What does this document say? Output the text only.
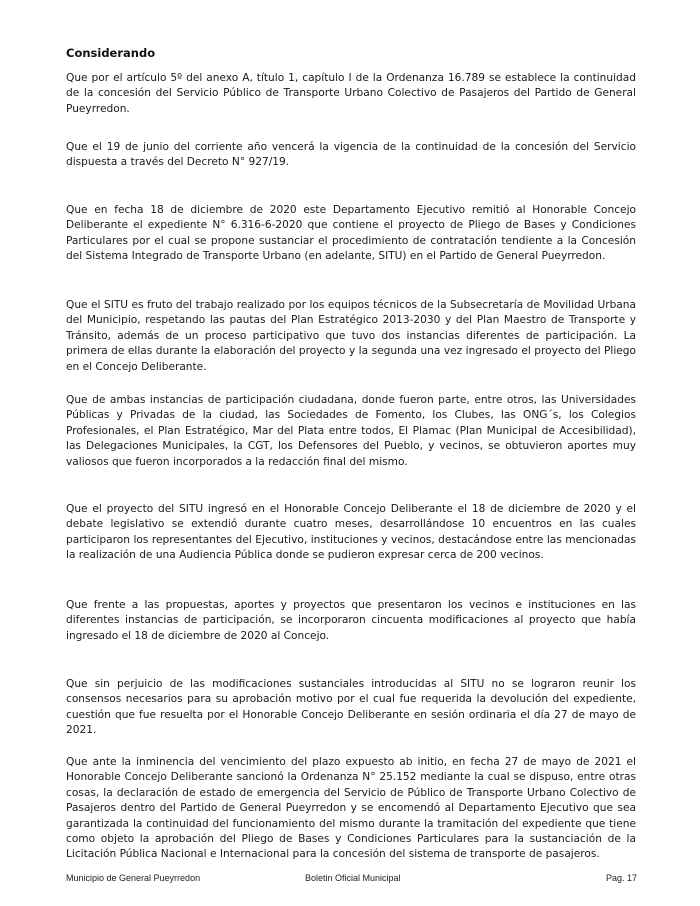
Considerando

Que por el artículo 5º del anexo A, título 1, capítulo I de la Ordenanza 16.789 se establece la continuidad de la concesión del Servicio Público de Transporte Urbano Colectivo de Pasajeros del Partido de General Pueyrredon.

Que el 19 de junio del corriente año vencerá la vigencia de la continuidad de la concesión del Servicio dispuesta a través del Decreto N° 927/19.

Que en fecha 18 de diciembre de 2020 este Departamento Ejecutivo remitió al Honorable Concejo Deliberante el expediente N° 6.316-6-2020 que contiene el proyecto de Pliego de Bases y Condiciones Particulares por el cual se propone sustanciar el procedimiento de contratación tendiente a la Concesión del Sistema Integrado de Transporte Urbano (en adelante, SITU) en el Partido de General Pueyrredon.

Que el SITU es fruto del trabajo realizado por los equipos técnicos de la Subsecretaría de Movilidad Urbana del Municipio, respetando las pautas del Plan Estratégico 2013-2030 y del Plan Maestro de Transporte y Tránsito, además de un proceso participativo que tuvo dos instancias diferentes de participación. La primera de ellas durante la elaboración del proyecto y la segunda una vez ingresado el proyecto del Pliego en el Concejo Deliberante.

Que de ambas instancias de participación ciudadana, donde fueron parte, entre otros, las Universidades Públicas y Privadas de la ciudad, las Sociedades de Fomento, los Clubes, las ONG´s, los Colegios Profesionales, el Plan Estratégico, Mar del Plata entre todos, El Plamac (Plan Municipal de Accesibilidad), las Delegaciones Municipales, la CGT, los Defensores del Pueblo, y vecinos, se obtuvieron aportes muy valiosos que fueron incorporados a la redacción final del mismo.

Que el proyecto del SITU ingresó en el Honorable Concejo Deliberante el 18 de diciembre de 2020 y el debate legislativo se extendió durante cuatro meses, desarrollándose 10 encuentros en las cuales participaron los representantes del Ejecutivo, instituciones y vecinos, destacándose entre las mencionadas la realización de una Audiencia Pública donde se pudieron expresar cerca de 200 vecinos.

Que frente a las propuestas, aportes y proyectos que presentaron los vecinos e instituciones en las diferentes instancias de participación, se incorporaron cincuenta modificaciones al proyecto que había ingresado el 18 de diciembre de 2020 al Concejo.

Que sin perjuicio de las modificaciones sustanciales introducidas al SITU no se lograron reunir los consensos necesarios para su aprobación motivo por el cual fue requerida la devolución del expediente, cuestión que fue resuelta por el Honorable Concejo Deliberante en sesión ordinaria el día 27 de mayo de 2021.

Que ante la inminencia del vencimiento del plazo expuesto ab initio, en fecha 27 de mayo de 2021 el Honorable Concejo Deliberante sancionó la Ordenanza N° 25.152 mediante la cual se dispuso, entre otras cosas, la declaración de estado de emergencia del Servicio de Público de Transporte Urbano Colectivo de Pasajeros dentro del Partido de General Pueyrredon y se encomendó al Departamento Ejecutivo que sea garantizada la continuidad del funcionamiento del mismo durante la tramitación del expediente que tiene como objeto la aprobación del Pliego de Bases y Condiciones Particulares para la sustanciación de la Licitación Pública Nacional e Internacional para la concesión del sistema de transporte de pasajeros.

Municipio de General Pueyrredon	Boletin Oficial Municipal	Pag. 17
